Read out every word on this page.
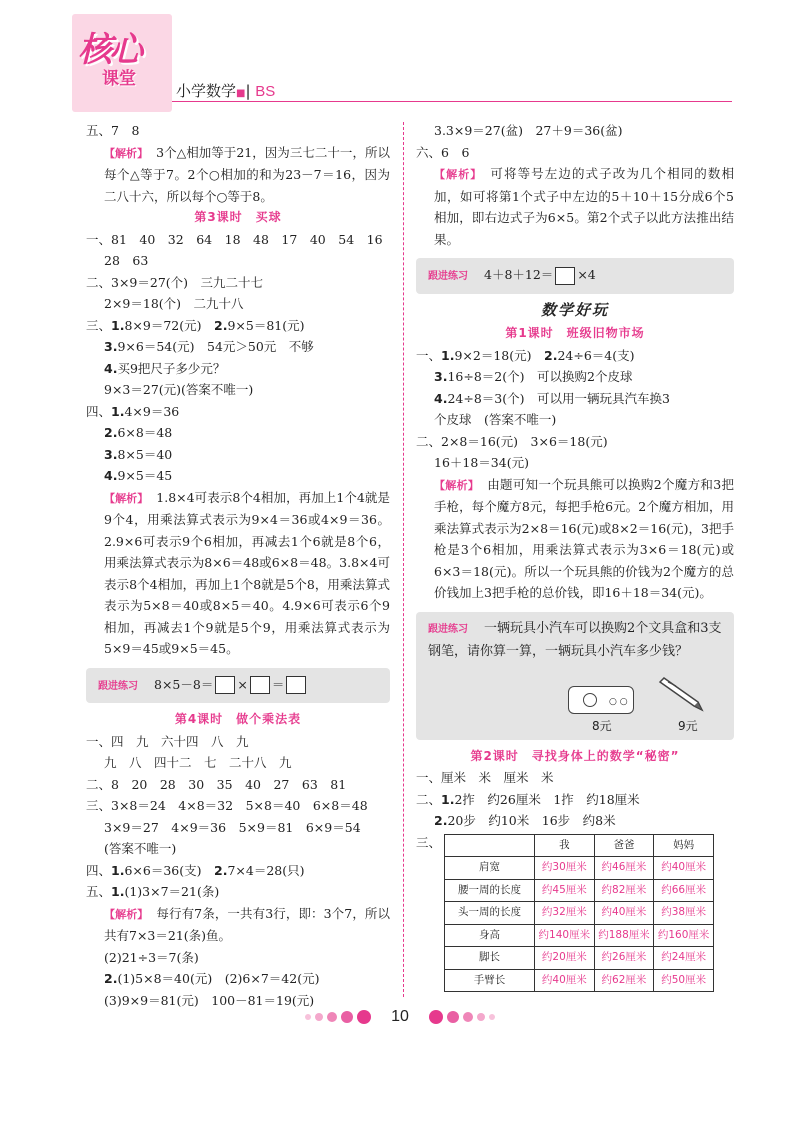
核心
课堂
小学数学■| BS
五、7　8
【解析】 3个△相加等于21，因为三七二十一，所以每个△等于7。2个○相加的和为23－7＝16，因为二八十六，所以每个○等于8。
第3课时　买球
一、81　40　32　64　18　48　17　40　54　16
28　63
二、3×9＝27(个)　三九二十七
2×9＝18(个)　二九十八
三、1.8×9＝72(元)　2.9×5＝81(元)
3.9×6＝54(元)　54元＞50元　不够
4.买9把尺子多少元？
9×3＝27(元)(答案不唯一)
四、1.4×9＝36
2.6×8＝48
3.8×5＝40
4.9×5＝45
【解析】 1.8×4可表示8个4相加，再加上1个4就是9个4，用乘法算式表示为9×4＝36或4×9＝36。2.9×6可表示9个6相加，再减去1个6就是8个6，用乘法算式表示为8×6＝48或6×8＝48。3.8×4可表示8个4相加，再加上1个8就是5个8，用乘法算式表示为5×8＝40或8×5＝40。4.9×6可表示6个9相加，再减去1个9就是5个9，用乘法算式表示为5×9＝45或9×5＝45。
跟进练习 8×5－8＝ × ＝
第4课时　做个乘法表
一、四　九　六十四　八　九
九　八　四十二　七　二十八　九
二、8　20　28　30　35　40　27　63　81
三、3×8＝24　4×8＝32　5×8＝40　6×8＝48
3×9＝27　4×9＝36　5×9＝81　6×9＝54
(答案不唯一)
四、1.6×6＝36(支)　2.7×4＝28(只)
五、1.(1)3×7＝21(条)
【解析】 每行有7条，一共有3行，即：3个7，所以共有7×3＝21(条)鱼。
(2)21÷3＝7(条)
2.(1)5×8＝40(元)　(2)6×7＝42(元)
(3)9×9＝81(元)　100－81＝19(元)
3.3×9＝27(盆)　27＋9＝36(盆)
六、6　6
【解析】 可将等号左边的式子改为几个相同的数相加，如可将第1个式子中左边的5＋10＋15分成6个5相加，即右边式子为6×5。第2个式子以此方法推出结果。
跟进练习 4＋8＋12＝ ×4
数学好玩
第1课时　班级旧物市场
一、1.9×2＝18(元)　2.24÷6＝4(支)
3.16÷8＝2(个)　可以换购2个皮球
4.24÷8＝3(个)　可以用一辆玩具汽车换3
个皮球　(答案不唯一)
二、2×8＝16(元)　3×6＝18(元)
16＋18＝34(元)
【解析】 由题可知一个玩具熊可以换购2个魔方和3把手枪，每个魔方8元，每把手枪6元。2个魔方相加，用乘法算式表示为2×8＝16(元)或8×2＝16(元)，3把手枪是3个6相加，用乘法算式表示为3×6＝18(元)或6×3＝18(元)。所以一个玩具熊的价钱为2个魔方的总价钱加上3把手枪的总价钱，即16＋18＝34(元)。
跟进练习 一辆玩具小汽车可以换购2个文具盒和3支钢笔，请你算一算，一辆玩具小汽车多少钱？
○ ○
8元	9元
第2课时　寻找身体上的数学“秘密”
一、厘米　米　厘米　米
二、1.2拃　约26厘米　1拃　约18厘米
2.20步　约10米　16步　约8米
三、
		我	爸爸	妈妈
肩宽	约30厘米	约46厘米	约40厘米
腰一周的长度	约45厘米	约82厘米	约66厘米
头一周的长度	约32厘米	约40厘米	约38厘米
身高	约140厘米	约188厘米	约160厘米
脚长	约20厘米	约26厘米	约24厘米
手臂长	约40厘米	约62厘米	约50厘米
10
